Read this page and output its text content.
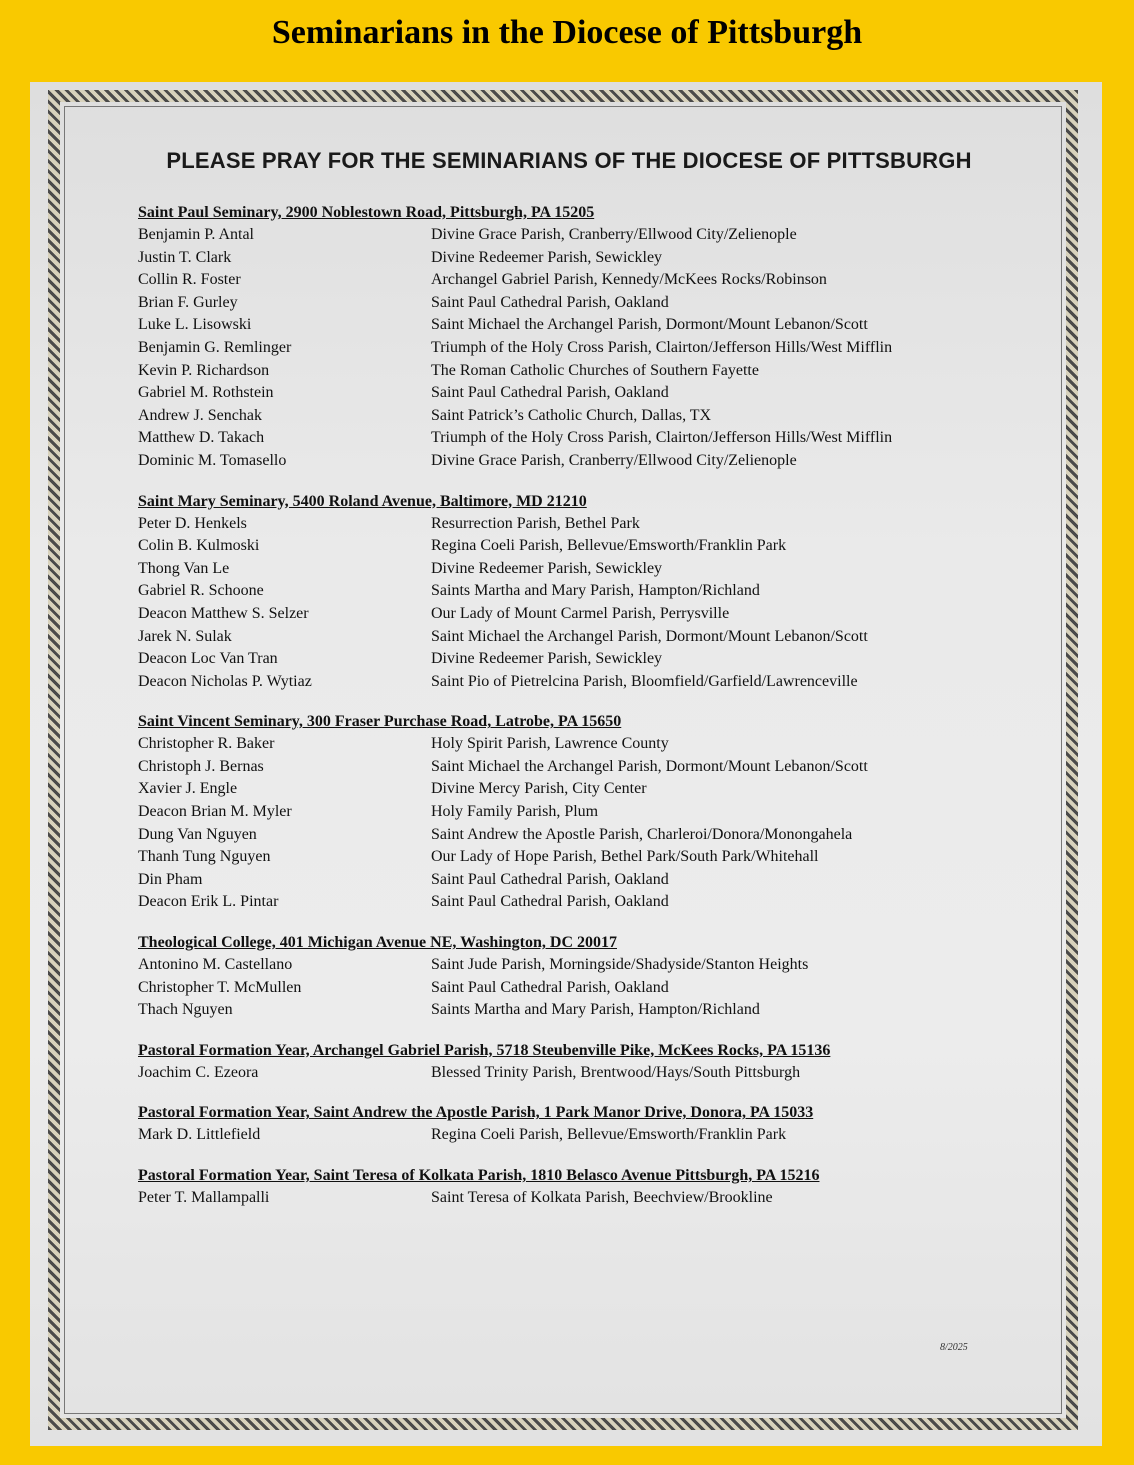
Seminarians in the Diocese of Pittsburgh
PLEASE PRAY FOR THE SEMINARIANS OF THE DIOCESE OF PITTSBURGH
Saint Paul Seminary, 2900 Noblestown Road, Pittsburgh, PA 15205
Benjamin P. Antal	Divine Grace Parish, Cranberry/Ellwood City/Zelienople
Justin T. Clark	Divine Redeemer Parish, Sewickley
Collin R. Foster	Archangel Gabriel Parish, Kennedy/McKees Rocks/Robinson
Brian F. Gurley	Saint Paul Cathedral Parish, Oakland
Luke L. Lisowski	Saint Michael the Archangel Parish, Dormont/Mount Lebanon/Scott
Benjamin G. Remlinger	Triumph of the Holy Cross Parish, Clairton/Jefferson Hills/West Mifflin
Kevin P. Richardson	The Roman Catholic Churches of Southern Fayette
Gabriel M. Rothstein	Saint Paul Cathedral Parish, Oakland
Andrew J. Senchak	Saint Patrick’s Catholic Church, Dallas, TX
Matthew D. Takach	Triumph of the Holy Cross Parish, Clairton/Jefferson Hills/West Mifflin
Dominic M. Tomasello	Divine Grace Parish, Cranberry/Ellwood City/Zelienople
Saint Mary Seminary, 5400 Roland Avenue, Baltimore, MD 21210
Peter D. Henkels	Resurrection Parish, Bethel Park
Colin B. Kulmoski	Regina Coeli Parish, Bellevue/Emsworth/Franklin Park
Thong Van Le	Divine Redeemer Parish, Sewickley
Gabriel R. Schoone	Saints Martha and Mary Parish, Hampton/Richland
Deacon Matthew S. Selzer	Our Lady of Mount Carmel Parish, Perrysville
Jarek N. Sulak	Saint Michael the Archangel Parish, Dormont/Mount Lebanon/Scott
Deacon Loc Van Tran	Divine Redeemer Parish, Sewickley
Deacon Nicholas P. Wytiaz	Saint Pio of Pietrelcina Parish, Bloomfield/Garfield/Lawrenceville
Saint Vincent Seminary, 300 Fraser Purchase Road, Latrobe, PA 15650
Christopher R. Baker	Holy Spirit Parish, Lawrence County
Christoph J. Bernas	Saint Michael the Archangel Parish, Dormont/Mount Lebanon/Scott
Xavier J. Engle	Divine Mercy Parish, City Center
Deacon Brian M. Myler	Holy Family Parish, Plum
Dung Van Nguyen	Saint Andrew the Apostle Parish, Charleroi/Donora/Monongahela
Thanh Tung Nguyen	Our Lady of Hope Parish, Bethel Park/South Park/Whitehall
Din Pham	Saint Paul Cathedral Parish, Oakland
Deacon Erik L. Pintar	Saint Paul Cathedral Parish, Oakland
Theological College, 401 Michigan Avenue NE, Washington, DC 20017
Antonino M. Castellano	Saint Jude Parish, Morningside/Shadyside/Stanton Heights
Christopher T. McMullen	Saint Paul Cathedral Parish, Oakland
Thach Nguyen	Saints Martha and Mary Parish, Hampton/Richland
Pastoral Formation Year, Archangel Gabriel Parish, 5718 Steubenville Pike, McKees Rocks, PA 15136
Joachim C. Ezeora	Blessed Trinity Parish, Brentwood/Hays/South Pittsburgh
Pastoral Formation Year, Saint Andrew the Apostle Parish, 1 Park Manor Drive, Donora, PA 15033
Mark D. Littlefield	Regina Coeli Parish, Bellevue/Emsworth/Franklin Park
Pastoral Formation Year, Saint Teresa of Kolkata Parish, 1810 Belasco Avenue Pittsburgh, PA 15216
Peter T. Mallampalli	Saint Teresa of Kolkata Parish, Beechview/Brookline
8/2025
